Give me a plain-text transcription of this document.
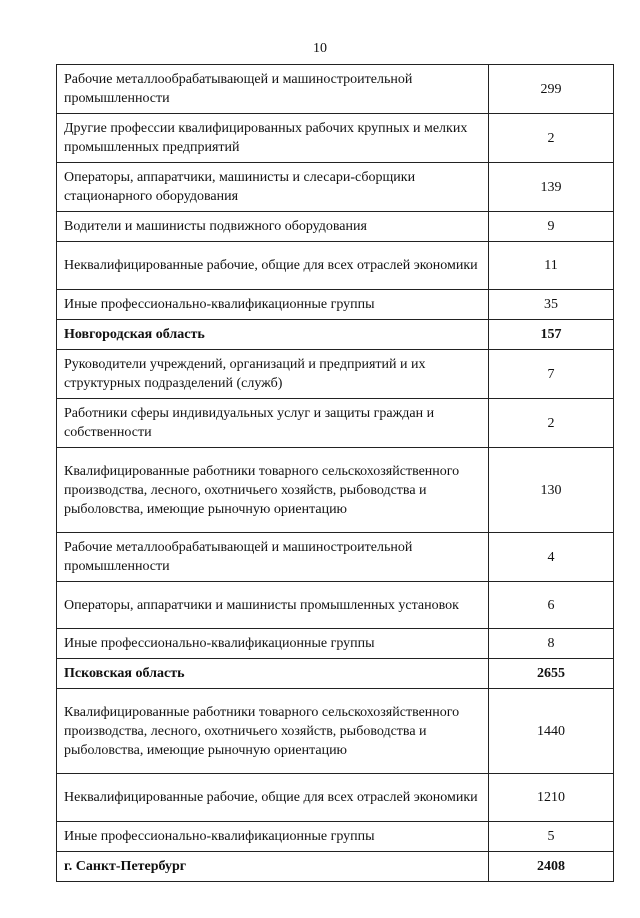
10
Рабочие металлообрабатывающей и машиностроительной промышленности	299
Другие профессии квалифицированных рабочих крупных и мелких промышленных предприятий	2
Операторы, аппаратчики, машинисты и слесари-сборщики стационарного оборудования	139
Водители и машинисты подвижного оборудования	9
Неквалифицированные рабочие, общие для всех отраслей экономики	11
Иные профессионально-квалификационные группы	35
Новгородская область	157
Руководители учреждений, организаций и предприятий и их структурных подразделений (служб)	7
Работники сферы индивидуальных услуг и защиты граждан и собственности	2
Квалифицированные работники товарного сельскохозяйственного производства, лесного, охотничьего хозяйств, рыбоводства и рыболовства, имеющие рыночную ориентацию	130
Рабочие металлообрабатывающей и машиностроительной промышленности	4
Операторы, аппаратчики и машинисты промышленных установок	6
Иные профессионально-квалификационные группы	8
Псковская область	2655
Квалифицированные работники товарного сельскохозяйственного производства, лесного, охотничьего хозяйств, рыбоводства и рыболовства, имеющие рыночную ориентацию	1440
Неквалифицированные рабочие, общие для всех отраслей экономики	1210
Иные профессионально-квалификационные группы	5
г. Санкт-Петербург	2408
